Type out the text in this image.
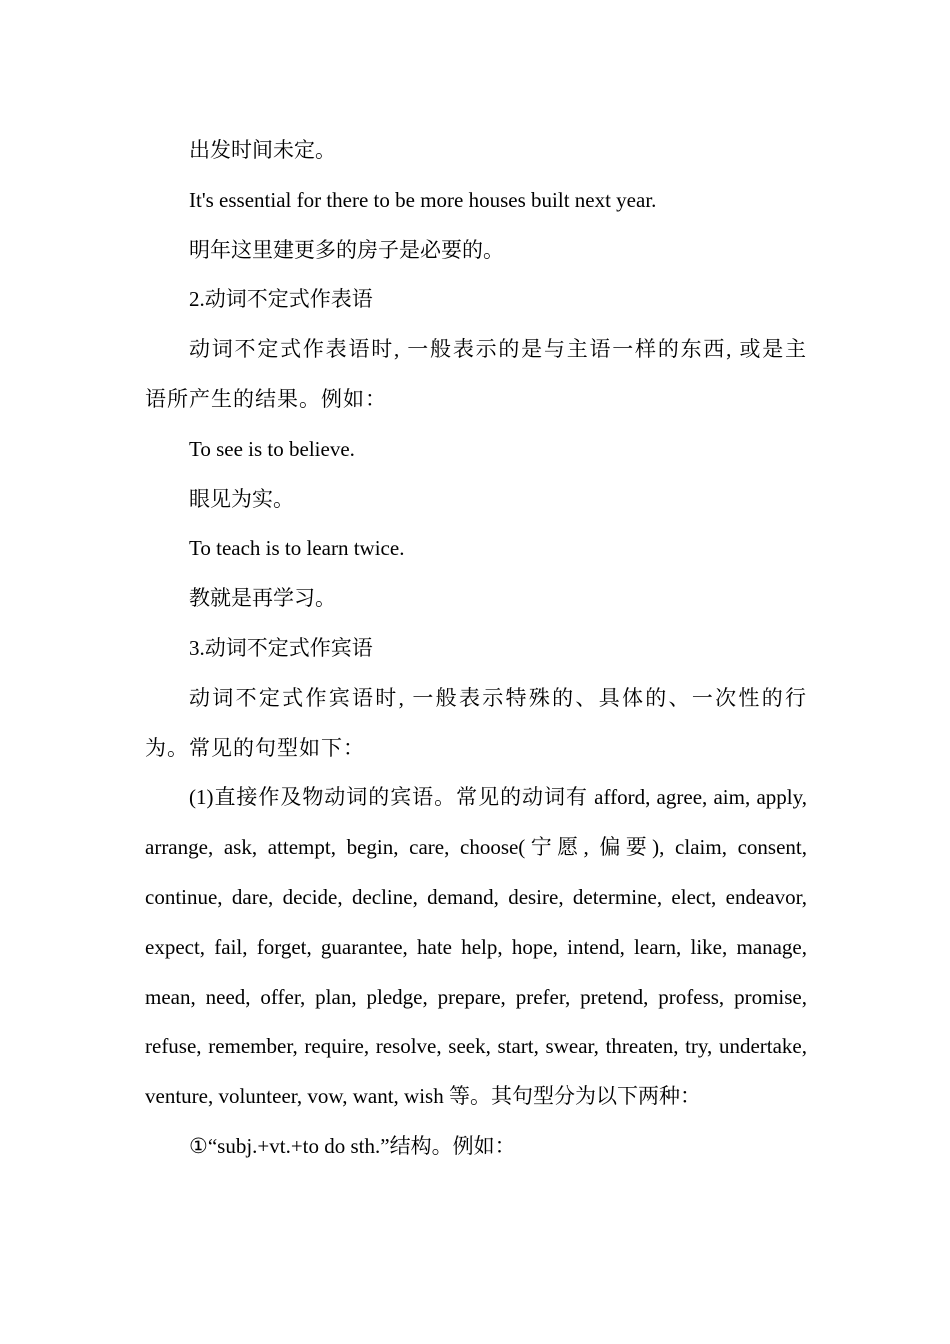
出发时间未定。

It's essential for there to be more houses built next year.

明年这里建更多的房子是必要的。

2.动词不定式作表语

动词不定式作表语时, 一般表示的是与主语一样的东西, 或是主语所产生的结果。例如：

To see is to believe.

眼见为实。

To teach is to learn twice.

教就是再学习。

3.动词不定式作宾语

动词不定式作宾语时, 一般表示特殊的、具体的、一次性的行为。常见的句型如下：

(1)直接作及物动词的宾语。常见的动词有 afford, agree, aim, apply, arrange, ask, attempt, begin, care, choose(宁愿, 偏要), claim, consent, continue, dare, decide, decline, demand, desire, determine, elect, endeavor, expect, fail, forget, guarantee, hate help, hope, intend, learn, like, manage, mean, need, offer, plan, pledge, prepare, prefer, pretend, profess, promise, refuse, remember, require, resolve, seek, start, swear, threaten, try, undertake, venture, volunteer, vow, want, wish 等。其句型分为以下两种：

①“subj.+vt.+to do sth.”结构。例如：
